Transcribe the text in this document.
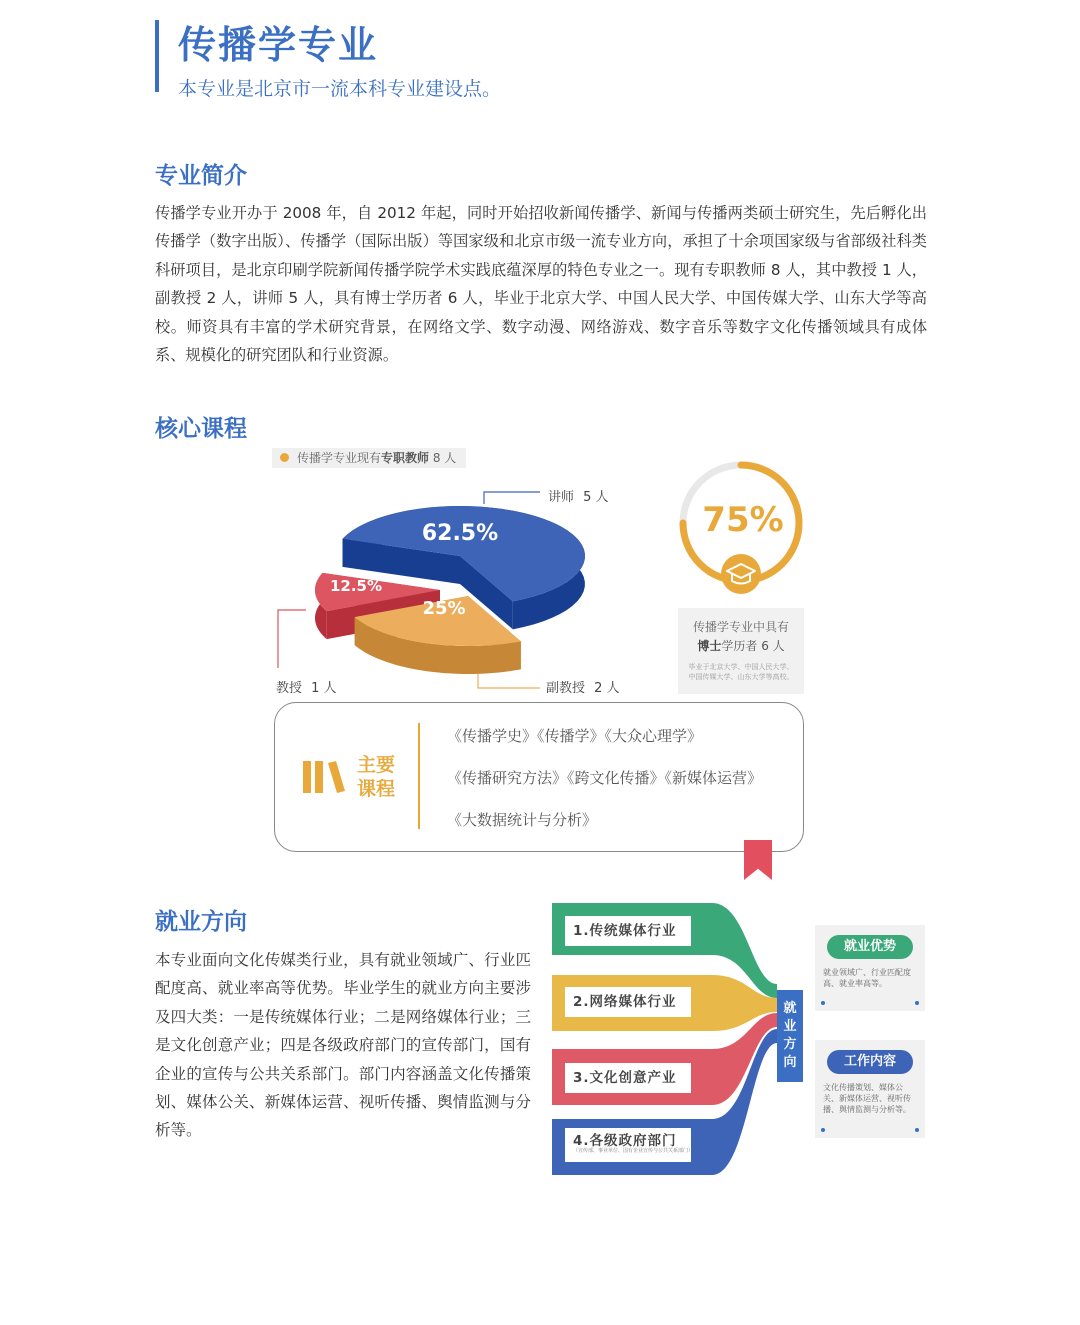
传播学专业
本专业是北京市一流本科专业建设点。
专业简介
传播学专业开办于 2008 年，自 2012 年起，同时开始招收新闻传播学、新闻与传播两类硕士研究生，先后孵化出传播学（数字出版）、传播学（国际出版）等国家级和北京市级一流专业方向，承担了十余项国家级与省部级社科类科研项目，是北京印刷学院新闻传播学院学术实践底蕴深厚的特色专业之一。现有专职教师 8 人，其中教授 1 人，副教授 2 人，讲师 5 人，具有博士学历者 6 人，毕业于北京大学、中国人民大学、中国传媒大学、山东大学等高校。师资具有丰富的学术研究背景，在网络文学、数字动漫、网络游戏、数字音乐等数字文化传播领域具有成体系、规模化的研究团队和行业资源。
核心课程
传播学专业现有专职教师 8 人
62.5%
25%
12.5%
讲师 5 人
教授 1 人	副教授 2 人
75%
传播学专业中具有
博士学历者 6 人
毕业于北京大学、中国人民大学、中国传媒大学、山东大学等高校。
主要
课程
《传播学史》《传播学》《大众心理学》
《传播研究方法》《跨文化传播》《新媒体运营》
《大数据统计与分析》
就业方向
本专业面向文化传媒类行业，具有就业领域广、行业匹配度高、就业率高等优势。毕业学生的就业方向主要涉及四大类：一是传统媒体行业；二是网络媒体行业；三是文化创意产业；四是各级政府部门的宣传部门，国有企业的宣传与公共关系部门。部门内容涵盖文化传播策划、媒体公关、新媒体运营、视听传播、舆情监测与分析等。
1.传统媒体行业
2.网络媒体行业
3.文化创意产业
4.各级政府部门
（宣传部、事业单位、国有企业宣传与公共关系部门）
就
业
方
向
就业优势
就业领域广、行业匹配度高、就业率高等。
工作内容
文化传播策划、媒体公关、新媒体运营、视听传播、舆情监测与分析等。
